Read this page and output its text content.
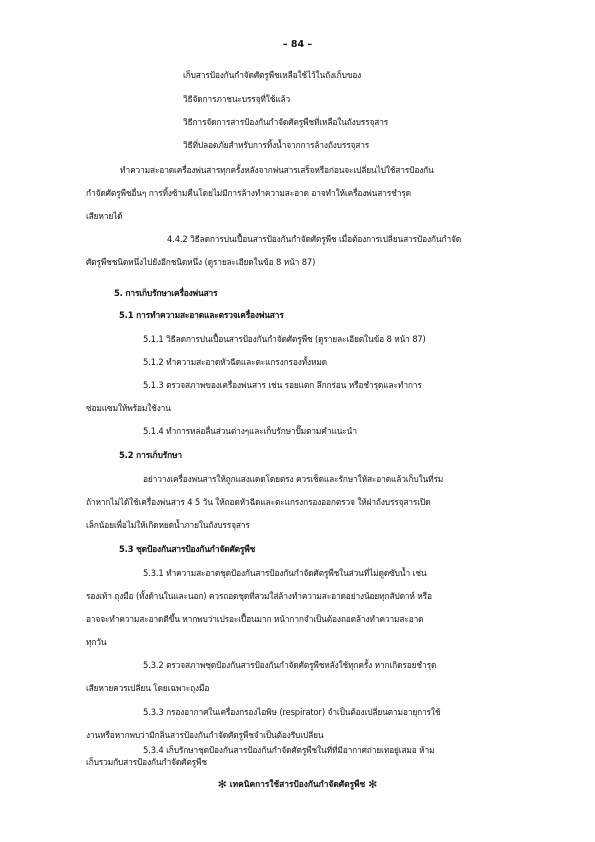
– 84 –
เก็บสารป้องกันกำจัดศัตรูพืชเหลือใช้ไว้ในถังเก็บของ
วิธีจัดการภาชนะบรรจุที่ใช้แล้ว
วิธีการจัดการสารป้องกันกำจัดศัตรูพืชที่เหลือในถังบรรจุสาร
วิธีที่ปลอดภัยสำหรับการทิ้งน้ำจากการล้างถังบรรจุสาร
ทำความสะอาดเครื่องพ่นสารทุกครั้งหลังจากพ่นสารเสร็จหรือก่อนจะเปลี่ยนไปใช้สารป้องกัน
กำจัดศัตรูพืชอื่นๆ การทิ้งซ้ามคืนโดยไม่มีการล้างทำความสะอาด อาจทำให้เครื่องพ่นสารชำรุด
เสียหายได้
4.4.2 วิธีลดการปนเปื้อนสารป้องกันกำจัดศัตรูพืช เมื่อต้องการเปลี่ยนสารป้องกันกำจัด
ศัตรูพืชชนิดหนึ่งไปยังอีกชนิดหนึ่ง (ดูรายละเอียดในข้อ 8 หน้า 87)
5. การเก็บรักษาเครื่องพ่นสาร
5.1 การทำความสะอาดและตรวจเครื่องพ่นสาร
5.1.1 วิธีลดการปนเปื้อนสารป้องกันกำจัดศัตรูพืช (ดูรายละเอียดในข้อ 8 หน้า 87)
5.1.2 ทำความสะอาดหัวฉีดและตะแกรงกรองทั้งหมด
5.1.3 ตรวจสภาพของเครื่องพ่นสาร เช่น รอยแตก ลึกกร่อน หรือชำรุดและทำการ
ซ่อมแซมให้พร้อมใช้งาน
5.1.4 ทำการหล่อลื่นส่วนต่างๆและเก็บรักษาปั๊มตามคำแนะนำ
5.2 การเก็บรักษา
อย่าวางเครื่องพ่นสารให้ถูกแสงแดดโดยตรง ควรเช็ดและรักษาให้สะอาดแล้วเก็บในที่ร่ม
ถ้าหากไม่ได้ใช้เครื่องพ่นสาร 4 5 วัน ให้ถอดหัวฉีดและตะแกรงกรองออกตรวจ ให้ฝาถังบรรจุสารเปิด
เล็กน้อยเพื่อไม่ให้เกิดหยดน้ำภายในถังบรรจุสาร
5.3 ชุดป้องกันสารป้องกันกำจัดศัตรูพืช
5.3.1 ทำความสะอาดชุดป้องกันสารป้องกันกำจัดศัตรูพืชในส่วนที่ไม่ดูดซับน้ำ เช่น
รองเท้า ถุงมือ (ทั้งด้านในและนอก) ควรถอดชุดที่สวมใส่ล้างทำความสะอาดอย่างน้อยทุกสัปดาห์ หรือ
อาจจะทำความสะอาดดีขึ้น หากพบว่าเปรอะเปื้อนมาก หน้ากากจำเป็นต้องถอดล้างทำความสะอาด
ทุกวัน
5.3.2 ตรวจสภาพชุดป้องกันสารป้องกันกำจัดศัตรูพืชหลังใช้ทุกครั้ง หากเกิดรอยชำรุด
เสียหายควรเปลี่ยน โดยเฉพาะถุงมือ
5.3.3 กรองอากาศในเครื่องกรองไอพิษ (respirator) จำเป็นต้องเปลี่ยนตามอายุการใช้
งานหรือหากพบว่ามีกลิ่นสารป้องกันกำจัดศัตรูพืชจำเป็นต้องรีบเปลี่ยน
5.3.4 เก็บรักษาชุดป้องกันสารป้องกันกำจัดศัตรูพืชในที่ที่มีอากาศถ่ายเทอยู่เสมอ ห้าม
เก็บรวมกับสารป้องกันกำจัดศัตรูพืช
✻ เทคนิคการใช้สารป้องกันกำจัดศัตรูพืช ✻
